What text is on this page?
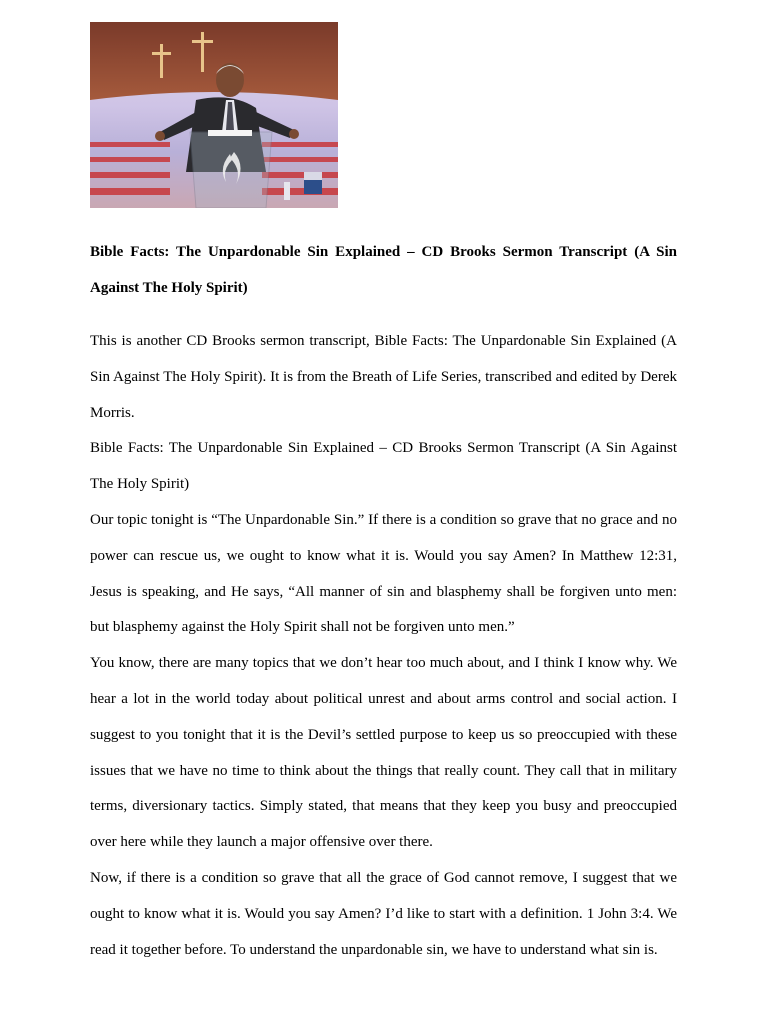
Bible Facts: The Unpardonable Sin Explained – CD Brooks Sermon Transcript (A Sin Against The Holy Spirit)

This is another CD Brooks sermon transcript, Bible Facts: The Unpardonable Sin Explained (A Sin Against The Holy Spirit). It is from the Breath of Life Series, transcribed and edited by Derek Morris.

Bible Facts: The Unpardonable Sin Explained – CD Brooks Sermon Transcript (A Sin Against The Holy Spirit)

Our topic tonight is “The Unpardonable Sin.” If there is a condition so grave that no grace and no power can rescue us, we ought to know what it is. Would you say Amen? In Matthew 12:31, Jesus is speaking, and He says, “All manner of sin and blasphemy shall be forgiven unto men: but blasphemy against the Holy Spirit shall not be forgiven unto men.”

You know, there are many topics that we don’t hear too much about, and I think I know why. We hear a lot in the world today about political unrest and about arms control and social action. I suggest to you tonight that it is the Devil’s settled purpose to keep us so preoccupied with these issues that we have no time to think about the things that really count. They call that in military terms, diversionary tactics. Simply stated, that means that they keep you busy and preoccupied over here while they launch a major offensive over there.

Now, if there is a condition so grave that all the grace of God cannot remove, I suggest that we ought to know what it is. Would you say Amen? I’d like to start with a definition. 1 John 3:4. We read it together before. To understand the unpardonable sin, we have to understand what sin is.
